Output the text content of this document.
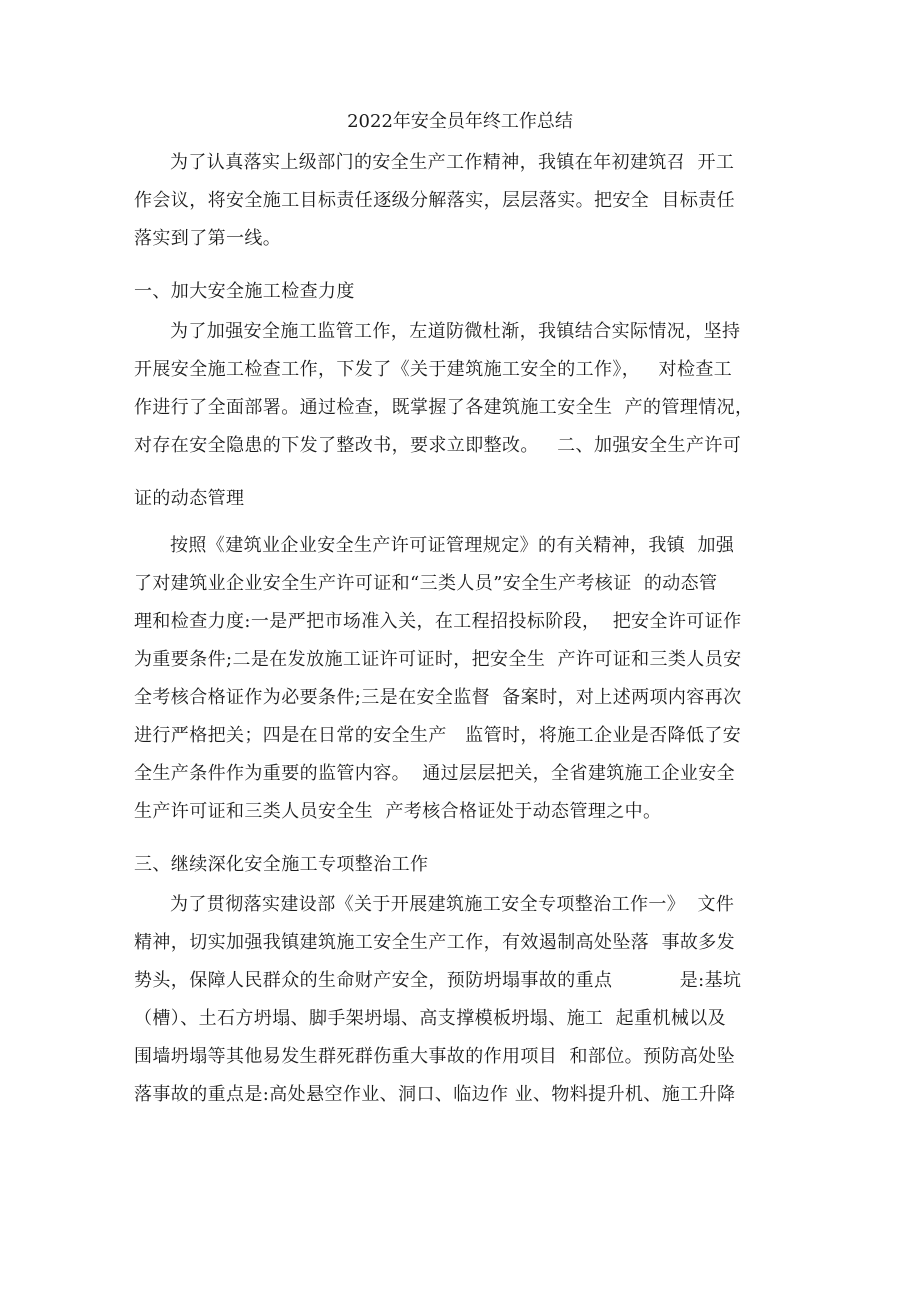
2022年安全员年终工作总结
为了认真落实上级部门的安全生产工作精神，我镇在年初建筑召  开工
作会议，将安全施工目标责任逐级分解落实，层层落实。把安全  目标责任
落实到了第一线。
一、加大安全施工检查力度
为了加强安全施工监管工作，左道防微杜渐，我镇结合实际情况，坚持
开展安全施工检查工作，下发了《关于建筑施工安全的工作》，   对检查工
作进行了全面部署。通过检查，既掌握了各建筑施工安全生  产的管理情况，
对存在安全隐患的下发了整改书，要求立即整改。   二、加强安全生产许可
证的动态管理
按照《建筑业企业安全生产许可证管理规定》的有关精神，我镇  加强
了对建筑业企业安全生产许可证和“三类人员”安全生产考核证  的动态管
理和检查力度:一是严把市场准入关，在工程招投标阶段，  把安全许可证作
为重要条件;二是在发放施工证许可证时，把安全生  产许可证和三类人员安
全考核合格证作为必要条件;三是在安全监督  备案时，对上述两项内容再次
进行严格把关；四是在日常的安全生产   监管时，将施工企业是否降低了安
全生产条件作为重要的监管内容。  通过层层把关，全省建筑施工企业安全
生产许可证和三类人员安全生  产考核合格证处于动态管理之中。
三、继续深化安全施工专项整治工作
为了贯彻落实建设部《关于开展建筑施工安全专项整治工作一》  文件
精神，切实加强我镇建筑施工安全生产工作，有效遏制高处坠落  事故多发
势头，保障人民群众的生命财产安全，预防坍塌事故的重点           是:基坑
（槽）、土石方坍塌、脚手架坍塌、高支撑模板坍塌、施工  起重机械以及
围墙坍塌等其他易发生群死群伤重大事故的作用项目  和部位。预防高处坠
落事故的重点是:高处悬空作业、洞口、临边作 业、物料提升机、施工升降
